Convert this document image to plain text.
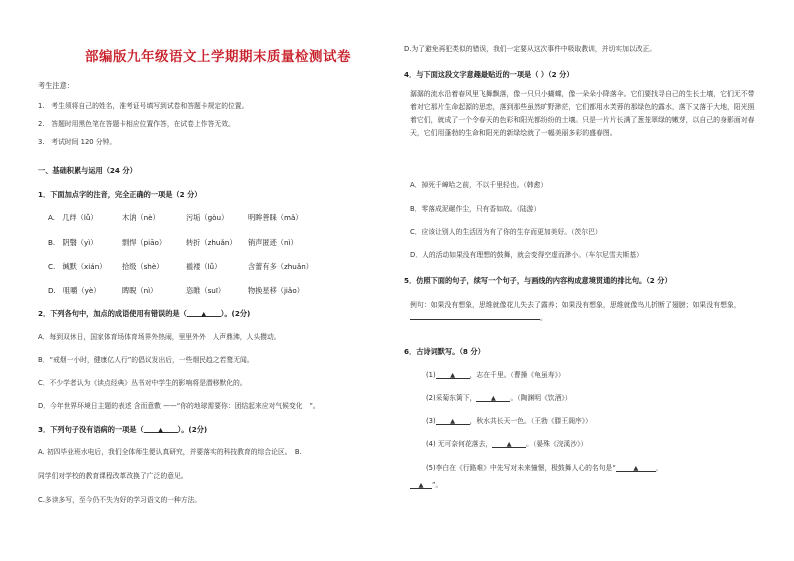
部编版九年级语文上学期期末质量检测试卷
考生注意：
1.　考生须将自己的姓名，准考证号填写到试卷和答题卡规定的位置。
2.　答题时用黑色笔在答题卡相应位置作答，在试卷上作答无效。
3.　考试时间 120 分钟。
一、基础积累与运用（24 分）
1．下面加点字的注音，完全正确的一项是（2 分）
A.　几绊（lǚ）	木讷（nè）	污垢（gòu）	明眸善睐（mǎ）
B.　阴翳（yì）	剽悍（piāo）	转折（zhuǎn） 销声匿迹（nì）
C.　缄默（xián） 拾级（shè）	褴褛（lǚ）	含蕾有多（zhuǎn）
D.　咀嚼（yè）	睥睨（nì）	恣睢（suī）	物换星移（jiǎo）
2．下列各句中，加点的成语使用有错误的是（ ▲ ）。(2分)
A．每到双休日，国家体育场体育场界外热闹，里里外外　人声鼎沸，人头攒动。
B．“戒烟一小时，健康亿人行”的倡议发出后，一些烟民趋之若鹜无闻。
C．不少学者认为《读点经典》丛书对中学生的影响将是潜移默化的。
D．今年世界环境日主题的表述 含而意敷 ——“你的地球需要你：团结起来应对气候变化　”。
3．下列句子没有语病的一项是（ ▲ ）。(2分)
A. 初四毕业班水电后，我们全体师生便认真研究，并要落实的科技教育的综合论区。　B.
同学们对学校的教育课程改革改换了广泛的意见。
C.多读多写，至今仍不失为好的学习语文的一种方法。
D.为了避免再犯类似的错误，我们一定要从这次事件中吸取教训，并切实加以改正。
4．与下面这段文字意趣最贴近的一项是（ ）（2 分）
潺潺的流水沿着春风里飞舞飘落，像一只只小蝴蝶，像一朵朵小降落伞。它们要找寻自己的生长土壤，它们无不带着对它那片生命起源的思恋，落到那些虽然旷野渺茫，它们都用水芙蓉的那绿色的露水，落下又落于大地，阳光照着它们，就成了一个令春天的色彩和阳光都纷纷的土壤。只是一片片长满了葱茏翠绿的嫩芽，以自己的身影面对春天，它们用蓬勃的生命和阳光的新绿绘就了一幅美丽多彩的盛春图。
A．掉死千嶂哈之前，不以千里轻也。（韩愈）
B．零落成泥碾作尘，只有香如故。（陆游）
C．应该让别人的生活因为有了你的生存而更加美好。（茨尔巴）
D．人的活动如果没有理想的鼓舞，就会变得空虚而渺小。（车尔尼雪夫斯基）
5．仿照下面的句子，续写一个句子，与画线的内容构成意境贯通的排比句。（2 分）
例句：如果没有想象，思维就像花儿失去了露养；如果没有想象，思维就像鸟儿折断了翅膀；如果没有想象，。
6．古诗词默写。（8 分）
(1) ▲ ，志在千里。（曹操《龟虽寿》）
(2)采菊东篱下， ▲ 。（陶渊明《饮酒》）
(3) ▲ ，秋水共长天一色。（王勃《滕王阁序》）
(4) 无可奈何花落去， ▲ 。（晏殊《浣溪沙》）
(5)李白在《行路难》中先写对未来憧憬，极鼓舞人心的名句是“	▲	，
▲ ”。
